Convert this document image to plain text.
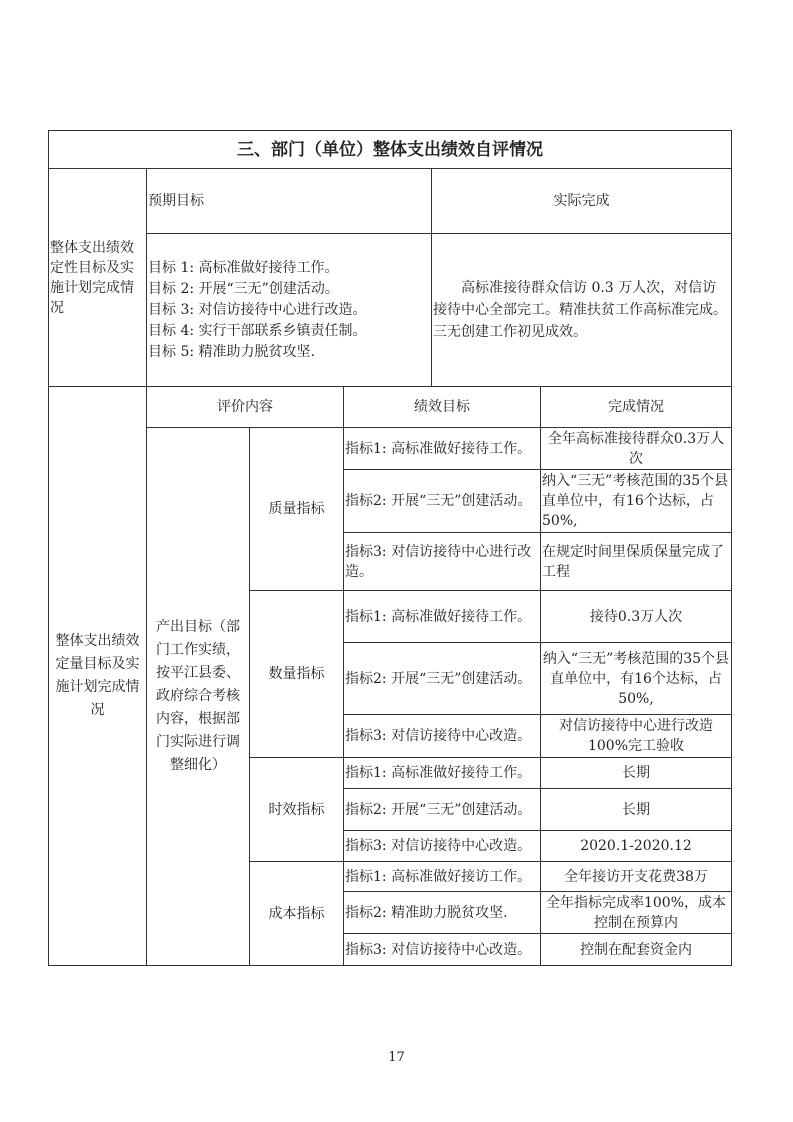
三、部门（单位）整体支出绩效自评情况					
整体支出绩效定性目标及实施计划完成情况	预期目标			实际完成	

	目标 1: 高标准做好接待工作。
目标 2: 开展“三无”创建活动。
目标 3: 对信访接待中心进行改造。
目标 4: 实行干部联系乡镇责任制。
目标 5: 精准助力脱贫攻坚.			高标准接待群众信访 0.3 万人次，对信访接待中心全部完工。精准扶贫工作高标准完成。三无创建工作初见成效。	
整体支出绩效定量目标及实施计划完成情况	评价内容		绩效目标		完成情况
	产出目标（部门工作实绩，按平江县委、政府综合考核内容，根据部门实际进行调整细化）	质量指标	指标1: 高标准做好接待工作。		全年高标准接待群众0.3万人次
			指标2: 开展“三无”创建活动。		纳入“三无”考核范围的35个县直单位中，有16个达标，占50%,
			指标3: 对信访接待中心进行改造。		在规定时间里保质保量完成了工程
		数量指标	指标1: 高标准做好接待工作。		接待0.3万人次
			指标2: 开展“三无”创建活动。		纳入“三无”考核范围的35个县直单位中，有16个达标，占50%,
			指标3: 对信访接待中心改造。		对信访接待中心进行改造100%完工验收
		时效指标	指标1: 高标准做好接待工作。		长期
			指标2: 开展“三无”创建活动。		长期
			指标3: 对信访接待中心改造。		2020.1-2020.12
		成本指标	指标1: 高标准做好接访工作。		全年接访开支花费38万
			指标2: 精准助力脱贫攻坚.		全年指标完成率100%，成本控制在预算内
			指标3: 对信访接待中心改造。		控制在配套资金内
17
